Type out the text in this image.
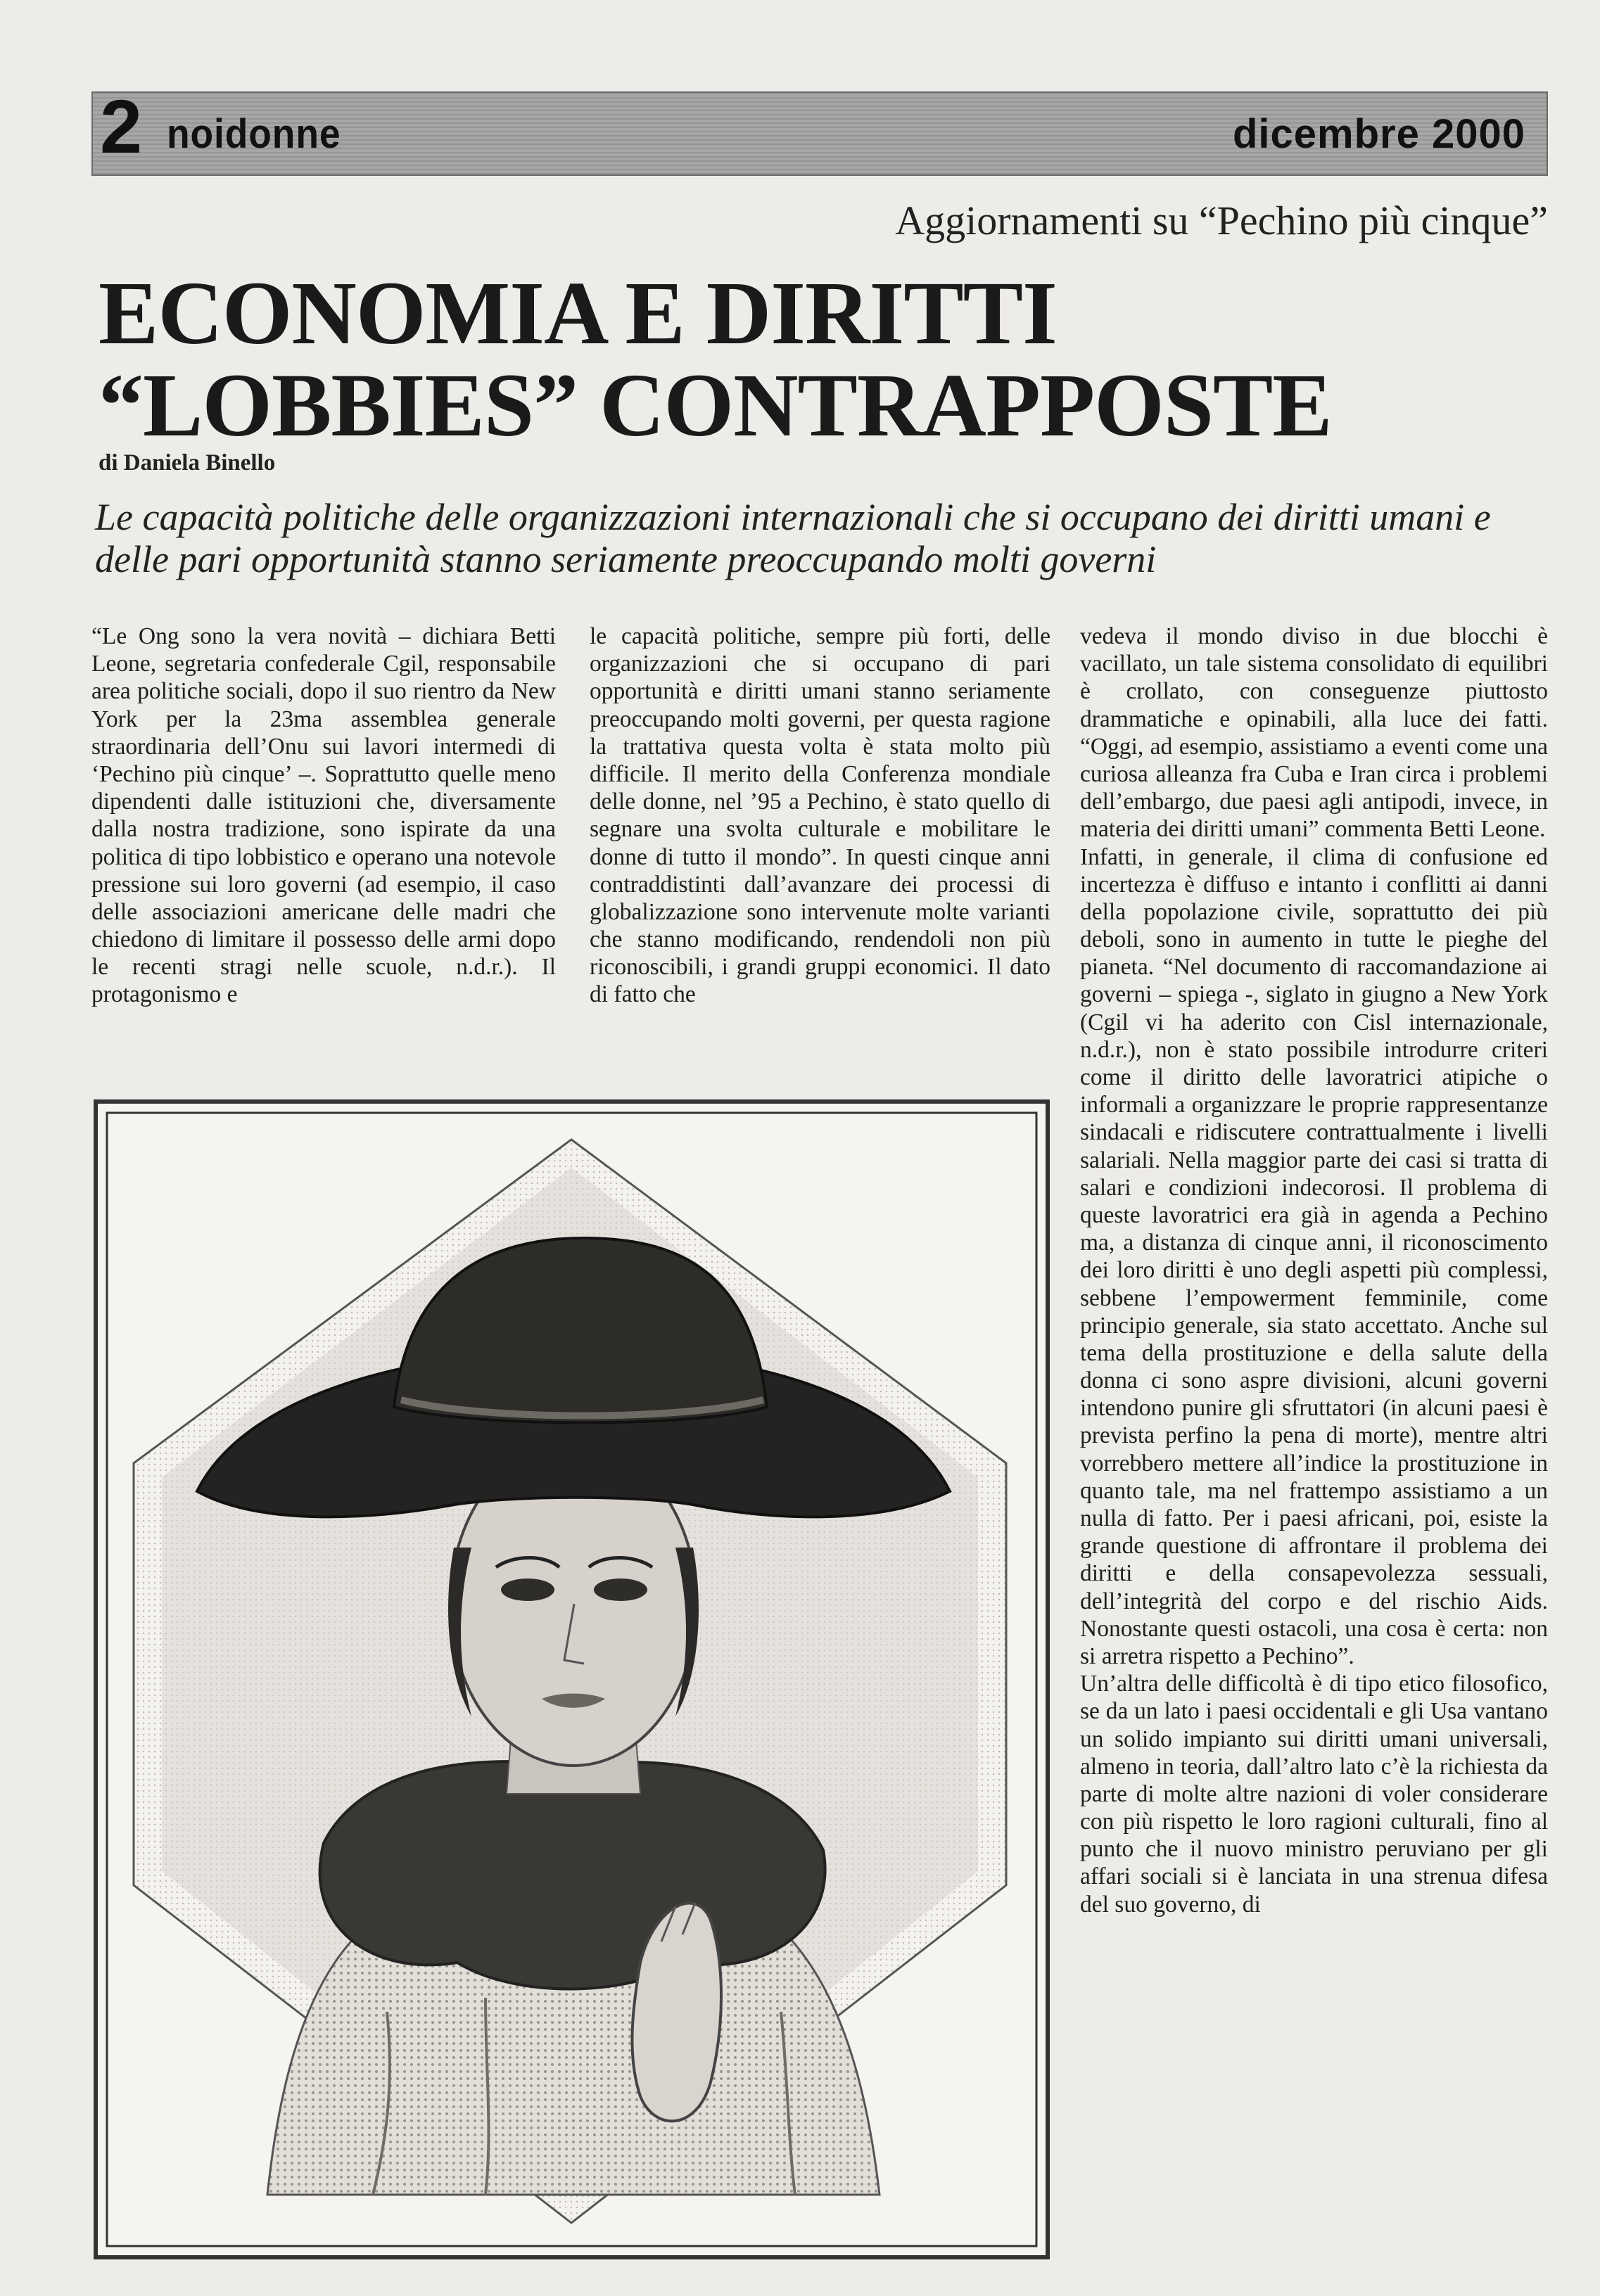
2 noidonne	dicembre 2000
Aggiornamenti su “Pechino più cinque”
ECONOMIA E DIRITTI
“LOBBIES” CONTRAPPOSTE
di Daniela Binello
Le capacità politiche delle organizzazioni internazionali che si occupano dei diritti umani e delle pari opportunità stanno seriamente preoccupando molti governi

“Le Ong sono la vera novità – dichiara Betti Leone, segretaria confederale Cgil, responsabile area politiche sociali, dopo il suo rientro da New York per la 23ma assemblea generale straordinaria dell’Onu sui lavori intermedi di ‘Pechino più cinque’ –. Soprattutto quelle meno dipendenti dalle istituzioni che, diversamente dalla nostra tradizione, sono ispirate da una politica di tipo lobbistico e operano una notevole pressione sui loro governi (ad esempio, il caso delle associazioni americane delle madri che chiedono di limitare il possesso delle armi dopo le recenti stragi nelle scuole, n.d.r.). Il protagonismo e

le capacità politiche, sempre più forti, delle organizzazioni che si occupano di pari opportunità e diritti umani stanno seriamente preoccupando molti governi, per questa ragione la trattativa questa volta è stata molto più difficile. Il merito della Conferenza mondiale delle donne, nel ’95 a Pechino, è stato quello di segnare una svolta culturale e mobilitare le donne di tutto il mondo”. In questi cinque anni contraddistinti dall’avanzare dei processi di globalizzazione sono intervenute molte varianti che stanno modificando, rendendoli non più riconoscibili, i grandi gruppi economici. Il dato di fatto che

vedeva il mondo diviso in due blocchi è vacillato, un tale sistema consolidato di equilibri è crollato, con conseguenze piuttosto drammatiche e opinabili, alla luce dei fatti. “Oggi, ad esempio, assistiamo a eventi come una curiosa alleanza fra Cuba e Iran circa i problemi dell’embargo, due paesi agli antipodi, invece, in materia dei diritti umani” commenta Betti Leone.

Infatti, in generale, il clima di confusione ed incertezza è diffuso e intanto i conflitti ai danni della popolazione civile, soprattutto dei più deboli, sono in aumento in tutte le pieghe del pianeta. “Nel documento di raccomandazione ai governi – spiega -, siglato in giugno a New York (Cgil vi ha aderito con Cisl internazionale, n.d.r.), non è stato possibile introdurre criteri come il diritto delle lavoratrici atipiche o informali a organizzare le proprie rappresentanze sindacali e ridiscutere contrattualmente i livelli salariali. Nella maggior parte dei casi si tratta di salari e condizioni indecorosi. Il problema di queste lavoratrici era già in agenda a Pechino ma, a distanza di cinque anni, il riconoscimento dei loro diritti è uno degli aspetti più complessi, sebbene l’empowerment femminile, come principio generale, sia stato accettato. Anche sul tema della prostituzione e della salute della donna ci sono aspre divisioni, alcuni governi intendono punire gli sfruttatori (in alcuni paesi è prevista perfino la pena di morte), mentre altri vorrebbero mettere all’indice la prostituzione in quanto tale, ma nel frattempo assistiamo a un nulla di fatto. Per i paesi africani, poi, esiste la grande questione di affrontare il problema dei diritti e della consapevolezza sessuali, dell’integrità del corpo e del rischio Aids. Nonostante questi ostacoli, una cosa è certa: non si arretra rispetto a Pechino”.

Un’altra delle difficoltà è di tipo etico filosofico, se da un lato i paesi occidentali e gli Usa vantano un solido impianto sui diritti umani universali, almeno in teoria, dall’altro lato c’è la richiesta da parte di molte altre nazioni di voler considerare con più rispetto le loro ragioni culturali, fino al punto che il nuovo ministro peruviano per gli affari sociali si è lanciata in una strenua difesa del suo governo, di
